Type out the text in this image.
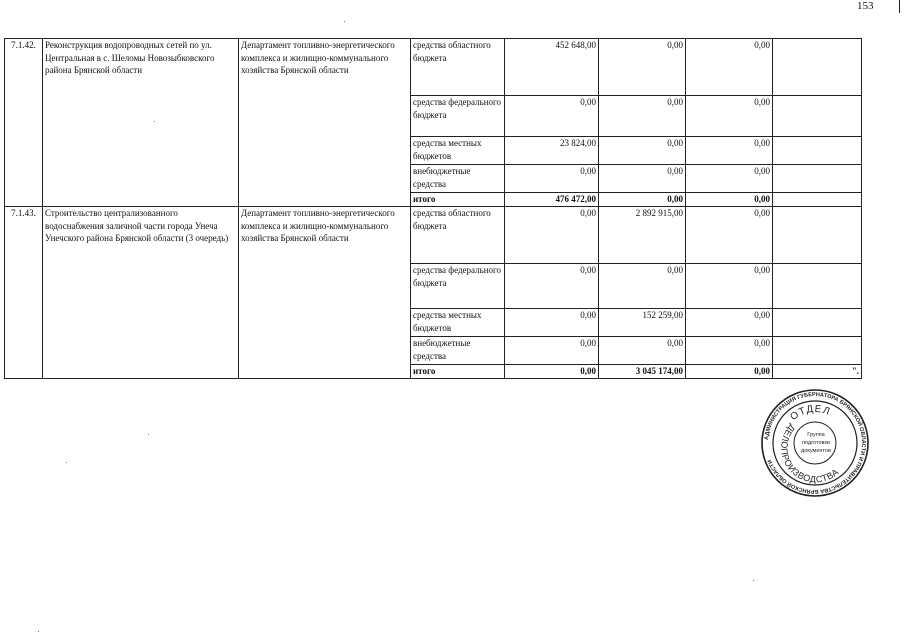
153
7.1.42.	Реконструкция водопроводных сетей по ул. Центральная в с. Шеломы Новозыбковского района Брянской области	Департамент топливно-энергетического комплекса и жилищно-коммунального хозяйства Брянской области	средства областного бюджета	452 648,00	0,00	0,00	
			средства федерального бюджета	0,00	0,00	0,00	
			средства местных бюджетов	23 824,00	0,00	0,00	
			внебюджетные средства	0,00	0,00	0,00	
			итого	476 472,00	0,00	0,00	
7.1.43.	Строительство централизованного водоснабжения заличной части города Унеча Унечского района Брянской области (3 очередь)	Департамент топливно-энергетического комплекса и жилищно-коммунального хозяйства Брянской области	средства областного бюджета	0,00	2 892 915,00	0,00	
			средства федерального бюджета	0,00	0,00	0,00	
			средства местных бюджетов	0,00	152 259,00	0,00	
			внебюджетные средства	0,00	0,00	0,00	
			итого	0,00	3 045 174,00	0,00	".
АДМИНИСТРАЦИЯ ГУБЕРНАТОРА БРЯНСКОЙ ОБЛАСТИ И ПРАВИТЕЛЬСТВА БРЯНСКОЙ ОБЛАСТИ
ОТДЕЛ
ДЕЛОПРОИЗВОДСТВА
Группа
подготовки
документов
